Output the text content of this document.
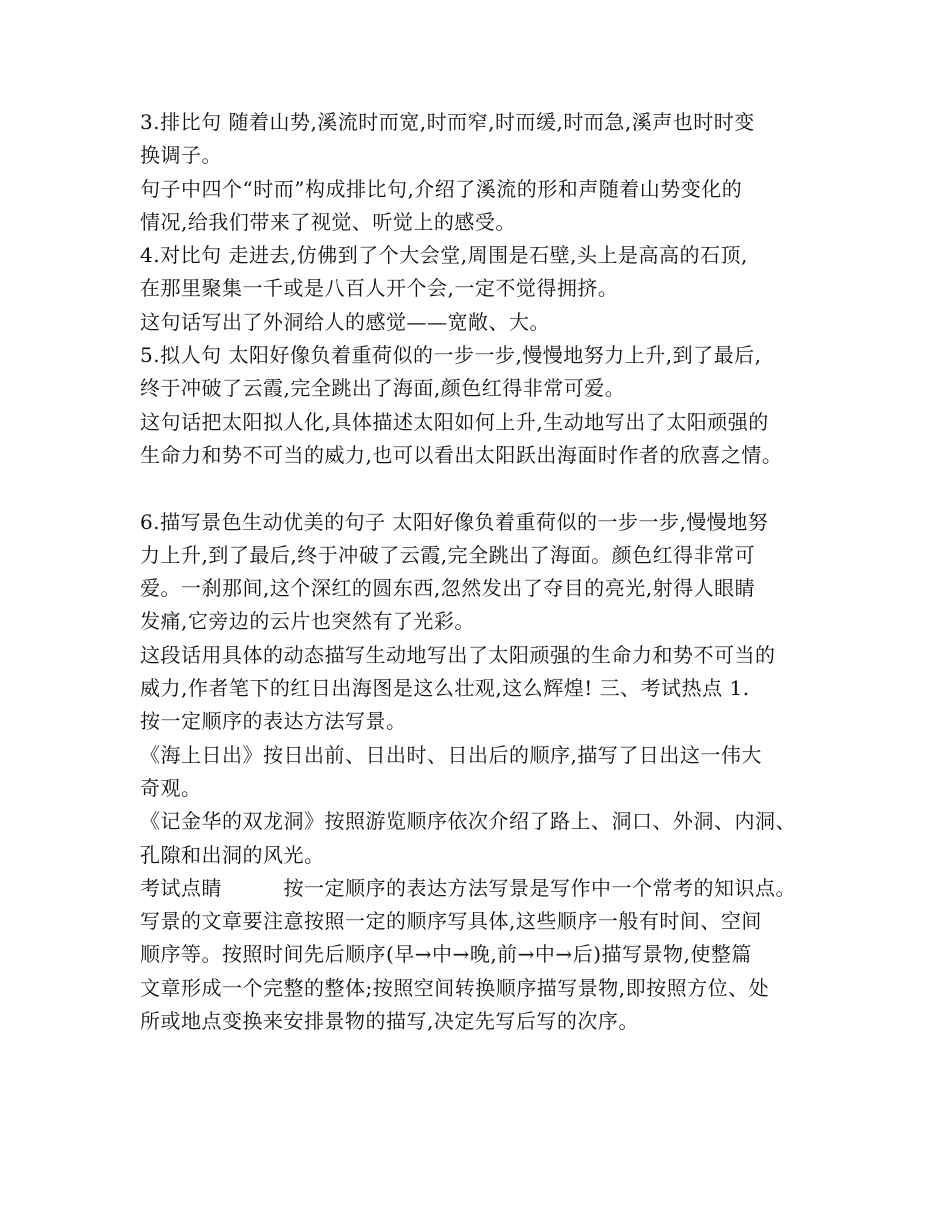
3.排比句 随着山势,溪流时而宽,时而窄,时而缓,时而急,溪声也时时变
换调子。
句子中四个“时而”构成排比句,介绍了溪流的形和声随着山势变化的
情况,给我们带来了视觉、听觉上的感受。
4.对比句 走进去,仿佛到了个大会堂,周围是石壁,头上是高高的石顶,
在那里聚集一千或是八百人开个会,一定不觉得拥挤。
这句话写出了外洞给人的感觉——宽敞、大。
5.拟人句 太阳好像负着重荷似的一步一步,慢慢地努力上升,到了最后,
终于冲破了云霞,完全跳出了海面,颜色红得非常可爱。
这句话把太阳拟人化,具体描述太阳如何上升,生动地写出了太阳顽强的
生命力和势不可当的威力,也可以看出太阳跃出海面时作者的欣喜之情。
6.描写景色生动优美的句子 太阳好像负着重荷似的一步一步,慢慢地努
力上升,到了最后,终于冲破了云霞,完全跳出了海面。颜色红得非常可
爱。一刹那间,这个深红的圆东西,忽然发出了夺目的亮光,射得人眼睛
发痛,它旁边的云片也突然有了光彩。
这段话用具体的动态描写生动地写出了太阳顽强的生命力和势不可当的
威力,作者笔下的红日出海图是这么壮观,这么辉煌! 三、考试热点 1.
按一定顺序的表达方法写景。
《海上日出》按日出前、日出时、日出后的顺序,描写了日出这一伟大
奇观。
《记金华的双龙洞》按照游览顺序依次介绍了路上、洞口、外洞、内洞、
孔隙和出洞的风光。
考试点睛　　　按一定顺序的表达方法写景是写作中一个常考的知识点。
写景的文章要注意按照一定的顺序写具体,这些顺序一般有时间、空间
顺序等。按照时间先后顺序(早→中→晚,前→中→后)描写景物,使整篇
文章形成一个完整的整体;按照空间转换顺序描写景物,即按照方位、处
所或地点变换来安排景物的描写,决定先写后写的次序。
